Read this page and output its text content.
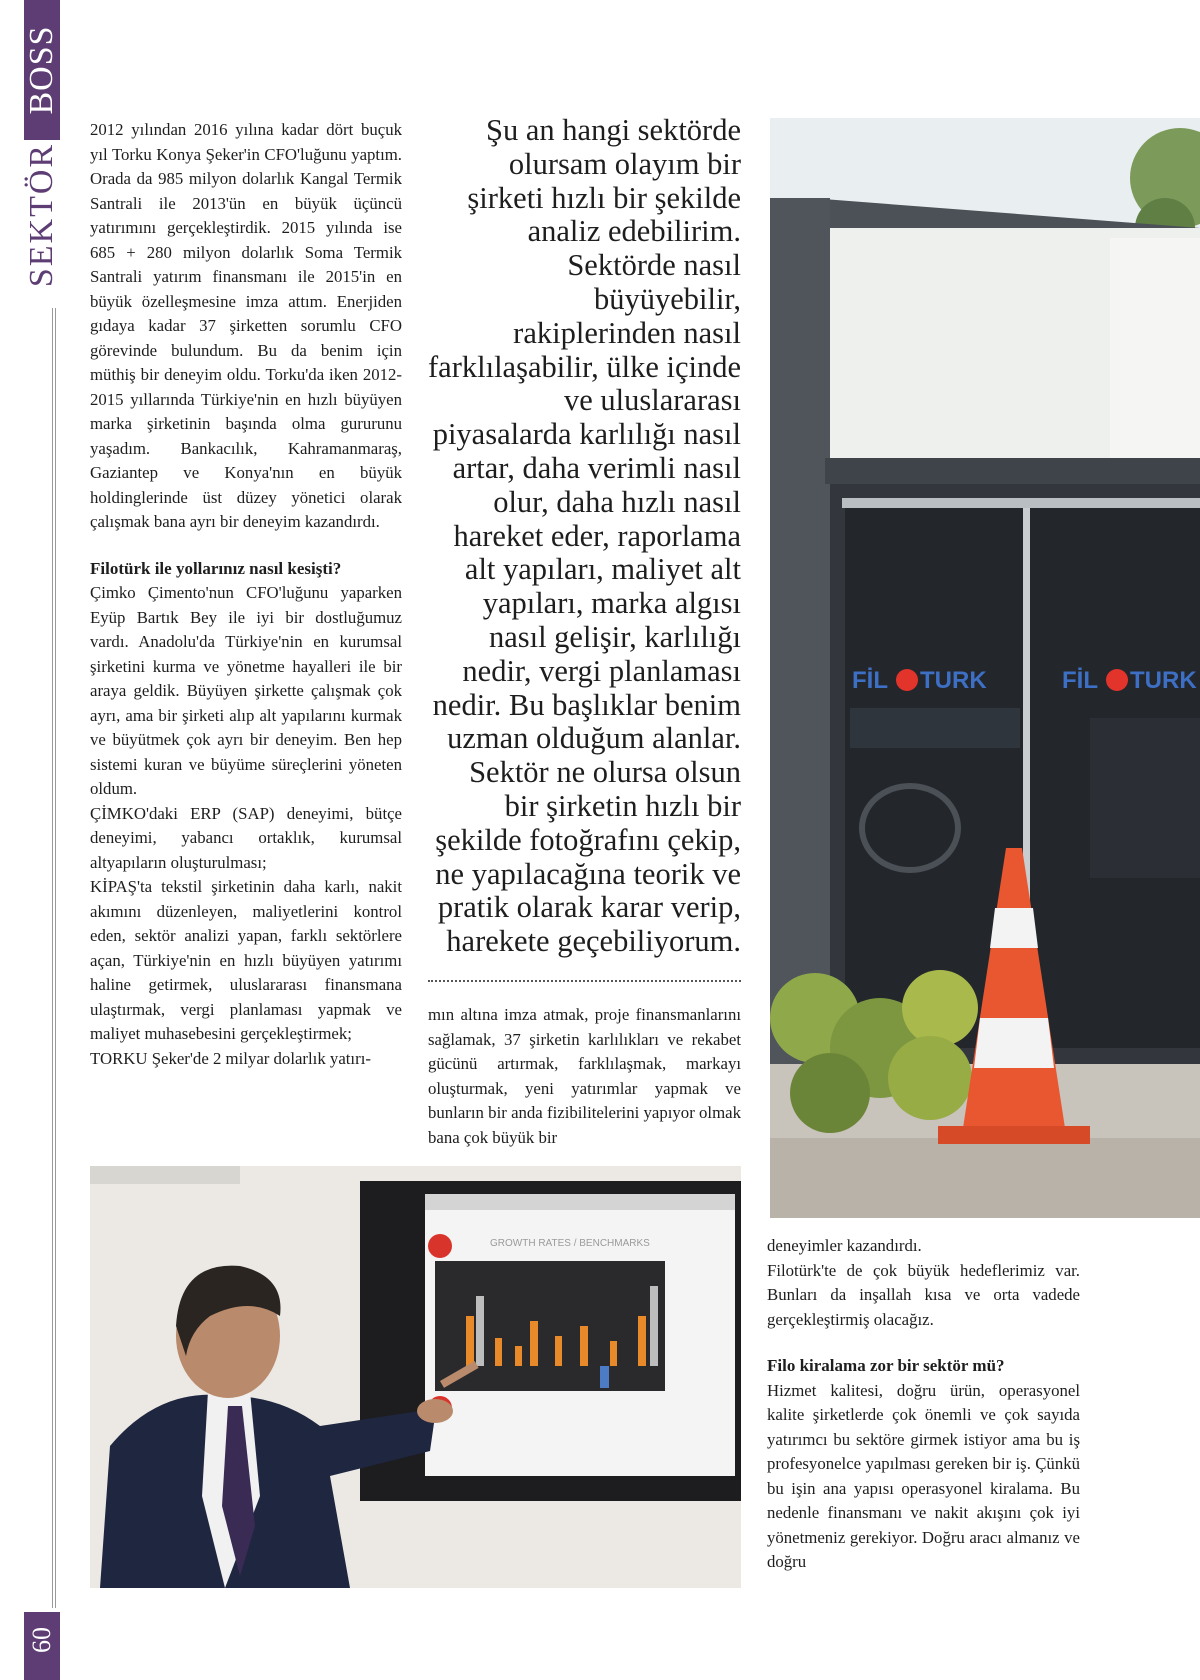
BOSS
SEKTÖR
60

2012 yılından 2016 yılına kadar dört buçuk yıl Torku Konya Şeker'in CFO'luğunu yaptım. Orada da 985 milyon dolarlık Kangal Termik Santrali ile 2013'ün en büyük üçüncü yatırımını gerçekleştirdik. 2015 yılında ise 685 + 280 milyon dolarlık Soma Termik Santrali yatırım finansmanı ile 2015'in en büyük özelleşmesine imza attım. Enerjiden gıdaya kadar 37 şirketten sorumlu CFO görevinde bulundum. Bu da benim için müthiş bir deneyim oldu. Torku'da iken 2012-2015 yıllarında Türkiye'nin en hızlı büyüyen marka şirketinin başında olma gururunu yaşadım. Bankacılık, Kahramanmaraş, Gaziantep ve Konya'nın en büyük holdinglerinde üst düzey yönetici olarak çalışmak bana ayrı bir deneyim kazandırdı.

Filotürk ile yollarınız nasıl kesişti?

Çimko Çimento'nun CFO'luğunu yaparken Eyüp Bartık Bey ile iyi bir dostluğumuz vardı. Anadolu'da Türkiye'nin en kurumsal şirketini kurma ve yönetme hayalleri ile bir araya geldik. Büyüyen şirkette çalışmak çok ayrı, ama bir şirketi alıp alt yapılarını kurmak ve büyütmek çok ayrı bir deneyim. Ben hep sistemi kuran ve büyüme süreçlerini yöneten oldum.

ÇİMKO'daki ERP (SAP) deneyimi, bütçe deneyimi, yabancı ortaklık, kurumsal altyapıların oluşturulması;

KİPAŞ'ta tekstil şirketinin daha karlı, nakit akımını düzenleyen, maliyetlerini kontrol eden, sektör analizi yapan, farklı sektörlere açan, Türkiye'nin en hızlı büyüyen yatırımı haline getirmek, uluslararası finansmana ulaştırmak, vergi planlaması yapmak ve maliyet muhasebesini gerçekleştirmek;

TORKU Şeker'de 2 milyar dolarlık yatırı-

Şu an hangi sektörde olursam olayım bir şirketi hızlı bir şekilde analiz edebilirim. Sektörde nasıl büyüyebilir, rakiplerinden nasıl farklılaşabilir, ülke içinde ve uluslararası piyasalarda karlılığı nasıl artar, daha verimli nasıl olur, daha hızlı nasıl hareket eder, raporlama alt yapıları, maliyet alt yapıları, marka algısı nasıl gelişir, karlılığı nedir, vergi planlaması nedir. Bu başlıklar benim uzman olduğum alanlar. Sektör ne olursa olsun bir şirketin hızlı bir şekilde fotoğrafını çekip, ne yapılacağına teorik ve pratik olarak karar verip, harekete geçebiliyorum.

mın altına imza atmak, proje finansmanlarını sağlamak, 37 şirketin karlılıkları ve rekabet gücünü artırmak, farklılaşmak, markayı oluşturmak, yeni yatırımlar yapmak ve bunların bir anda fizibilitelerini yapıyor olmak bana çok büyük bir

FİL TURK	FİL TURK
GROWTH RATES / BENCHMARKS	deneyimler kazandırdı.

Filotürk'te de çok büyük hedeflerimiz var. Bunları da inşallah kısa ve orta vadede gerçekleştirmiş olacağız.

Filo kiralama zor bir sektör mü?

Hizmet kalitesi, doğru ürün, operasyonel kalite şirketlerde çok önemli ve çok sayıda yatırımcı bu sektöre girmek istiyor ama bu iş profesyonelce yapılması gereken bir iş. Çünkü bu işin ana yapısı operasyonel kiralama. Bu nedenle finansmanı ve nakit akışını çok iyi yönetmeniz gerekiyor. Doğru aracı almanız ve doğru
